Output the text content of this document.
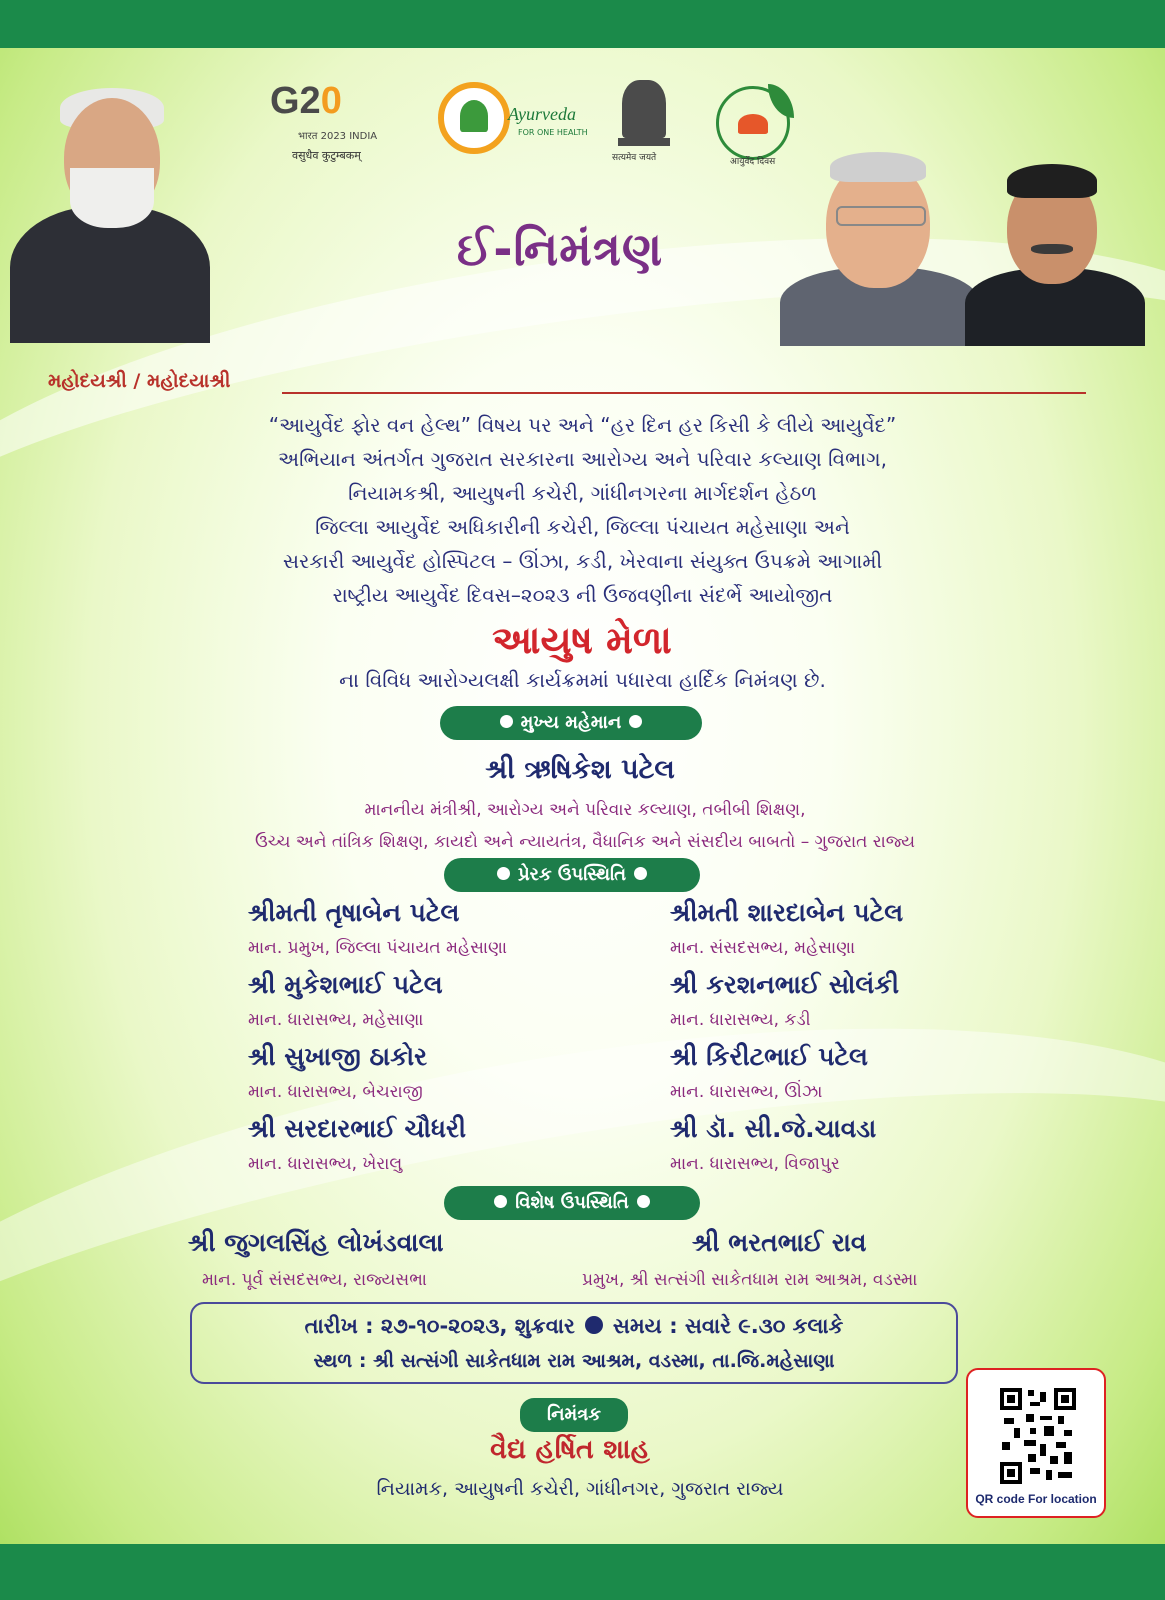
G20
भारत 2023 INDIA
वसुधैव कुटुम्बकम्
Ayurveda
FOR ONE HEALTH
सत्यमेव जयते	आयुर्वेद दिवस
ઈ-નિમંત્રણ
મહોદયશ્રી / મહોદયાશ્રી
“આયુર્વેદ ફોર વન હેલ્થ” વિષય પર અને “હર દિન હર કિસી કે લીયે આયુર્વેદ”
અભિયાન અંતર્ગત ગુજરાત સરકારના આરોગ્ય અને પરિવાર કલ્યાણ વિભાગ,
નિયામકશ્રી, આયુષની કચેરી, ગાંધીનગરના માર્ગદર્શન હેઠળ
જિલ્લા આયુર્વેદ અધિકારીની કચેરી, જિલ્લા પંચાયત મહેસાણા અને
સરકારી આયુર્વેદ હોસ્પિટલ – ઊંઝા, કડી, ખેરવાના સંયુક્ત ઉપક્રમે આગામી
રાષ્ટ્રીય આયુર્વેદ દિવસ–૨૦૨૩ ની ઉજવણીના સંદર્ભે આયોજીત
આયુષ મેળા
ના વિવિધ આરોગ્યલક્ષી કાર્યક્રમમાં પધારવા હાર્દિક નિમંત્રણ છે.
મુખ્ય મહેમાન
શ્રી ઋષિકેશ પટેલ
માનનીય મંત્રીશ્રી, આરોગ્ય અને પરિવાર કલ્યાણ, તબીબી શિક્ષણ,
ઉચ્ચ અને તાંત્રિક શિક્ષણ, કાયદો અને ન્યાયતંત્ર, વૈધાનિક અને સંસદીય બાબતો – ગુજરાત રાજ્ય
પ્રેરક ઉપસ્થિતિ
શ્રીમતી તૃષાબેન પટેલ
માન. પ્રમુખ, જિલ્લા પંચાયત મહેસાણા
શ્રીમતી શારદાબેન પટેલ
માન. સંસદસભ્ય, મહેસાણા
શ્રી મુકેશભાઈ પટેલ
માન. ધારાસભ્ય, મહેસાણા
શ્રી કરશનભાઈ સોલંકી
માન. ધારાસભ્ય, કડી
શ્રી સુખાજી ઠાકોર
માન. ધારાસભ્ય, બેચરાજી
શ્રી કિરીટભાઈ પટેલ
માન. ધારાસભ્ય, ઊંઝા
શ્રી સરદારભાઈ ચૌધરી
માન. ધારાસભ્ય, ખેરાલુ
શ્રી ડૉ. સી.જે.ચાવડા
માન. ધારાસભ્ય, વિજાપુર
વિશેષ ઉપસ્થિતિ
શ્રી જુગલસિંહ લોખંડવાલા
માન. પૂર્વ સંસદસભ્ય, રાજ્યસભા
શ્રી ભરતભાઈ રાવ
પ્રમુખ, શ્રી સત્સંગી સાકેતધામ રામ આશ્રમ, વડસ્મા
તારીખ : ૨૭-૧૦-૨૦૨૩, શુક્રવાર સમય : સવારે ૯.૩૦ કલાકે
સ્થળ : શ્રી સત્સંગી સાકેતધામ રામ આશ્રમ, વડસ્મા, તા.જિ.મહેસાણા
નિમંત્રક
વૈદ્ય હર્ષિત શાહ
નિયામક, આયુષની કચેરી, ગાંધીનગર, ગુજરાત રાજ્ય	QR code For location
